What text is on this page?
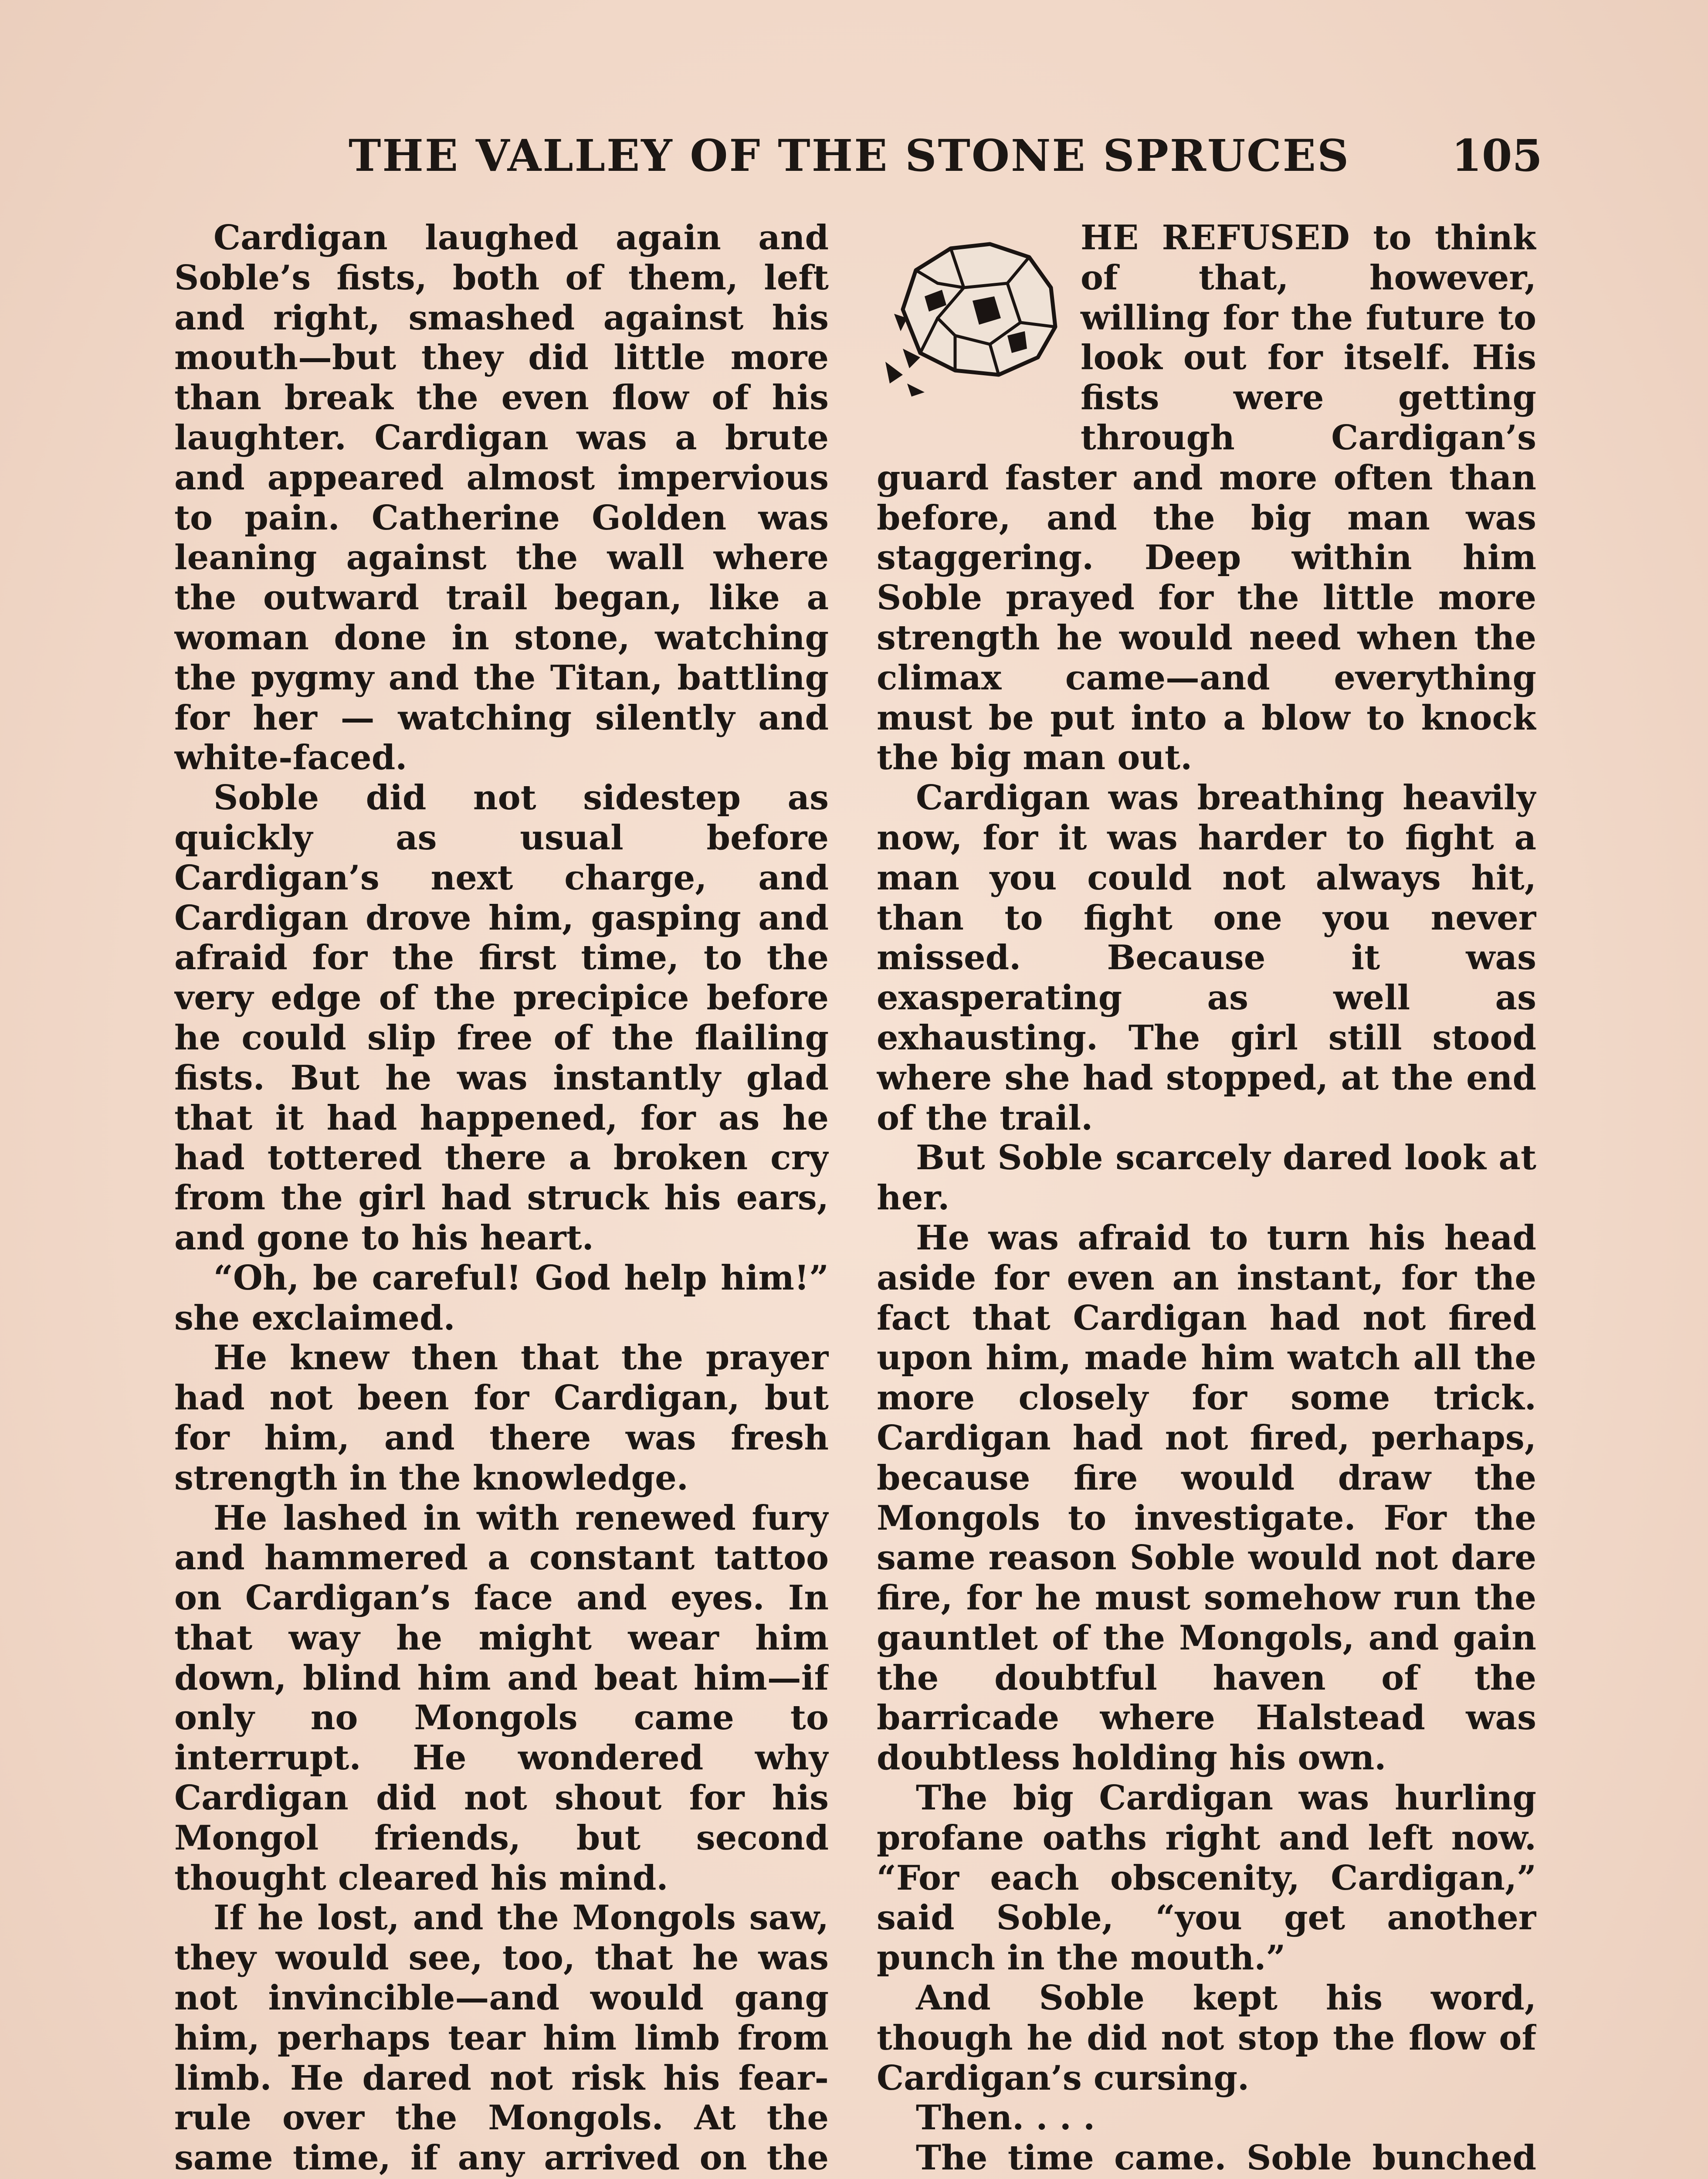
THE VALLEY OF THE STONE SPRUCES 105

Cardigan laughed again and Soble’s fists, both of them, left and right, smashed against his mouth—but they did little more than break the even flow of his laughter. Cardigan was a brute and appeared almost impervious to pain. Catherine Golden was leaning against the wall where the outward trail began, like a woman done in stone, watching the pygmy and the Titan, battling for her — watching silently and white-faced.

Soble did not sidestep as quickly as usual before Cardigan’s next charge, and Cardigan drove him, gasping and afraid for the first time, to the very edge of the precipice before he could slip free of the flailing fists. But he was instantly glad that it had happened, for as he had tottered there a broken cry from the girl had struck his ears, and gone to his heart.

“Oh, be careful! God help him!” she exclaimed.

He knew then that the prayer had not been for Cardigan, but for him, and there was fresh strength in the knowledge.

He lashed in with renewed fury and hammered a constant tattoo on Cardigan’s face and eyes. In that way he might wear him down, blind him and beat him—if only no Mongols came to interrupt. He wondered why Cardigan did not shout for his Mongol friends, but second thought cleared his mind.

If he lost, and the Mongols saw, they would see, too, that he was not invincible—and would gang him, perhaps tear him limb from limb. He dared not risk his fear-rule over the Mongols. At the same time, if any arrived on the

HE REFUSED to think of that, however, willing for the future to look out for itself. His fists were getting through Cardigan’s guard faster and more often than before, and the big man was staggering. Deep within him Soble prayed for the little more strength he would need when the climax came—and everything must be put into a blow to knock the big man out.

Cardigan was breathing heavily now, for it was harder to fight a man you could not always hit, than to fight one you never missed. Because it was exasperating as well as exhausting. The girl still stood where she had stopped, at the end of the trail.

But Soble scarcely dared look at her.

He was afraid to turn his head aside for even an instant, for the fact that Cardigan had not fired upon him, made him watch all the more closely for some trick. Cardigan had not fired, perhaps, because fire would draw the Mongols to investigate. For the same reason Soble would not dare fire, for he must somehow run the gauntlet of the Mongols, and gain the doubtful haven of the barricade where Halstead was doubtless holding his own.

The big Cardigan was hurling profane oaths right and left now. “For each obscenity, Cardigan,” said Soble, “you get another punch in the mouth.”

And Soble kept his word, though he did not stop the flow of Cardigan’s cursing.

Then. . . .

The time came. Soble bunched
